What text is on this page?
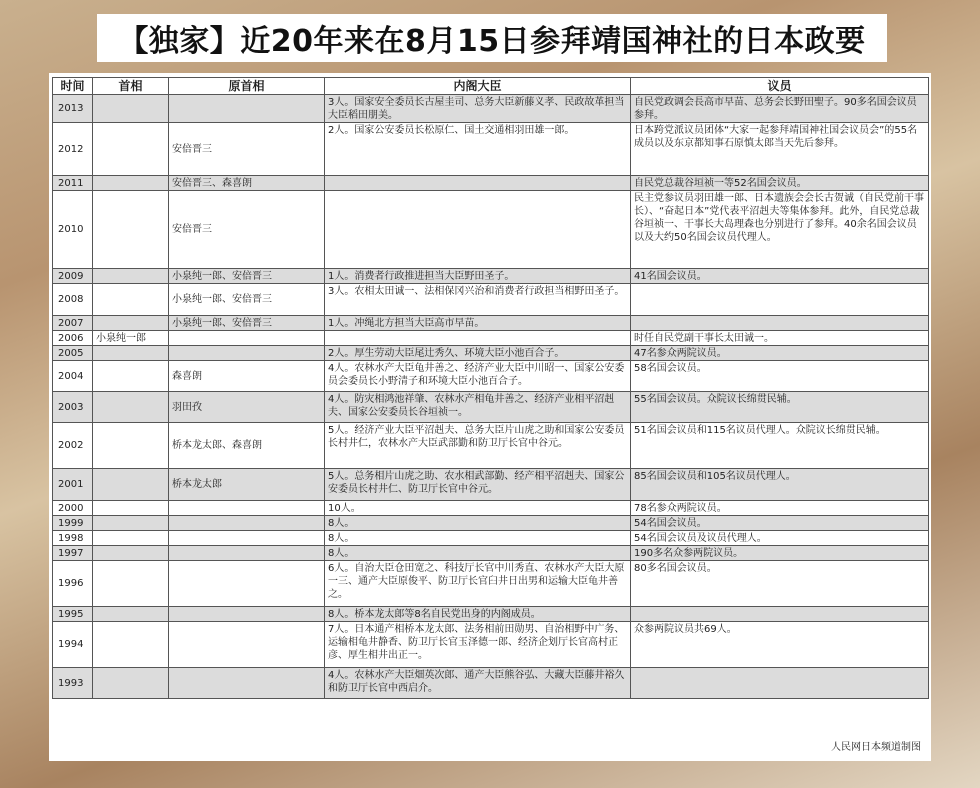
【独家】近20年来在8月15日参拜靖国神社的日本政要
时间	首相	原首相	内阁大臣	议员
2013			3人。国家安全委员长古屋圭司、总务大臣新藤义孝、民政故革担当大臣稻田朋美。	自民党政调会長高市早苗、总务会长野田聖子。90多名国会议员参拜。
2012		安倍晋三	2人。国家公安委员长松原仁、国土交通相羽田雄一郎。	日本跨党派议员团体“大家一起参拜靖国神社国会议员会”的55名成员以及东京都知事石原慎太郎当天先后参拜。
2011		安倍晋三、森喜朗		自民党总裁谷垣祯一等52名国会议员。
2010		安倍晋三		民主党参议员羽田雄一郎、日本遗族会会长古贺诚（自民党前干事长）、“奋起日本”党代表平沼赳夫等集体参拜。此外，自民党总裁谷垣祯一、干事长大岛理森也分别进行了参拜。40余名国会议员以及大约50名国会议员代理人。
2009		小泉纯一郎、安倍晋三	1人。消费者行政推进担当大臣野田圣子。	41名国会议员。
2008		小泉纯一郎、安倍晋三	3人。农相太田诚一、法相保冈兴治和消费者行政担当相野田圣子。	
2007		小泉纯一郎、安倍晋三	1人。冲绳北方担当大臣高市早苗。	
2006	小泉纯一郎			时任自民党副干事长太田诚一。
2005			2人。厚生劳动大臣尾辻秀久、环境大臣小池百合子。	47名参众两院议员。
2004		森喜朗	4人。农林水产大臣龟井善之、经济产业大臣中川昭一、国家公安委员会委员长小野清子和环境大臣小池百合子。	58名国会议员。
2003		羽田孜	4人。防灾相鸿池祥肇、农林水产相龟井善之、经济产业相平沼赳夫、国家公安委员长谷垣祯一。	55名国会议员。众院议长绵贯民辅。
2002		桥本龙太郎、森喜朗	5人。经济产业大臣平沼赳夫、总务大臣片山虎之助和国家公安委员长村井仁，农林水产大臣武部勤和防卫厅长官中谷元。	51名国会议员和115名议员代理人。众院议长绵贯民辅。
2001		桥本龙太郎	5人。总务相片山虎之助、农水相武部勤、经产相平沼赳夫、国家公安委员长村井仁、防卫厅长官中谷元。	85名国会议员和105名议员代理人。
2000			10人。	78名参众两院议员。
1999			8人。	54名国会议员。
1998			8人。	54名国会议员及议员代理人。
1997			8人。	190多名众参两院议员。
1996			6人。自治大臣仓田宽之、科技厅长官中川秀直、农林水产大臣大原一三、通产大臣原俊平、防卫厅长官臼井日出男和运输大臣龟井善之。	80多名国会议员。
1995			8人。桥本龙太郎等8名自民党出身的内阁成员。	
1994			7人。日本通产相桥本龙太郎、法务相前田勋男、自治相野中广务、运输相龟井静香、防卫厅长官玉泽德一郎、经济企划厅长官高村正彦、厚生相井出正一。	众参两院议员共69人。
1993			4人。农林水产大臣畑英次郎、通产大臣熊谷弘、大藏大臣藤井裕久和防卫厅长官中西启介。	
人民网日本频道制图
